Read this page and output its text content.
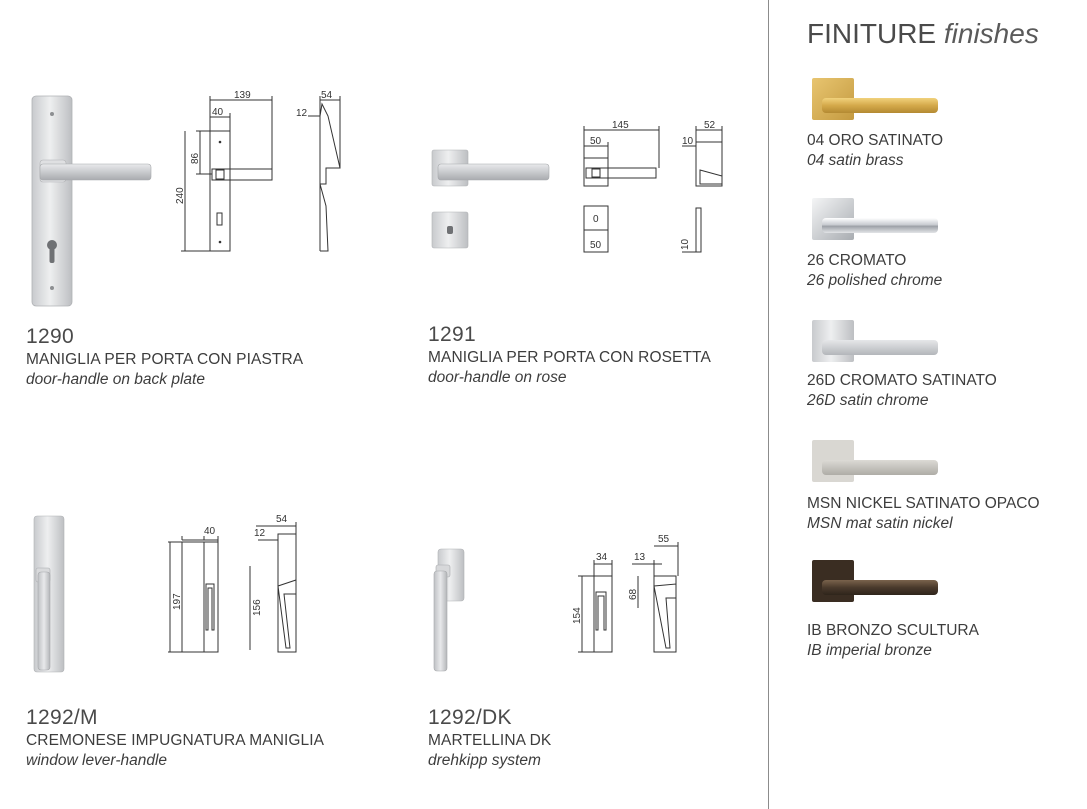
139
40
86
240
54
12
1290
MANIGLIA PER PORTA CON PIASTRA
door-handle on back plate
145
50
52
10
0
50	10
1291
MANIGLIA PER PORTA CON ROSETTA
door-handle on rose
40
197
54
12
156
1292/M
CREMONESE IMPUGNATURA MANIGLIA
window lever-handle
34
154
55
13
68
1292/DK
MARTELLINA DK
drehkipp system
FINITURE finishes
04 ORO SATINATO
04 satin brass
26 CROMATO
26 polished chrome
26D CROMATO SATINATO
26D satin chrome
MSN NICKEL SATINATO OPACO
MSN mat satin nickel
IB BRONZO SCULTURA
IB imperial bronze
